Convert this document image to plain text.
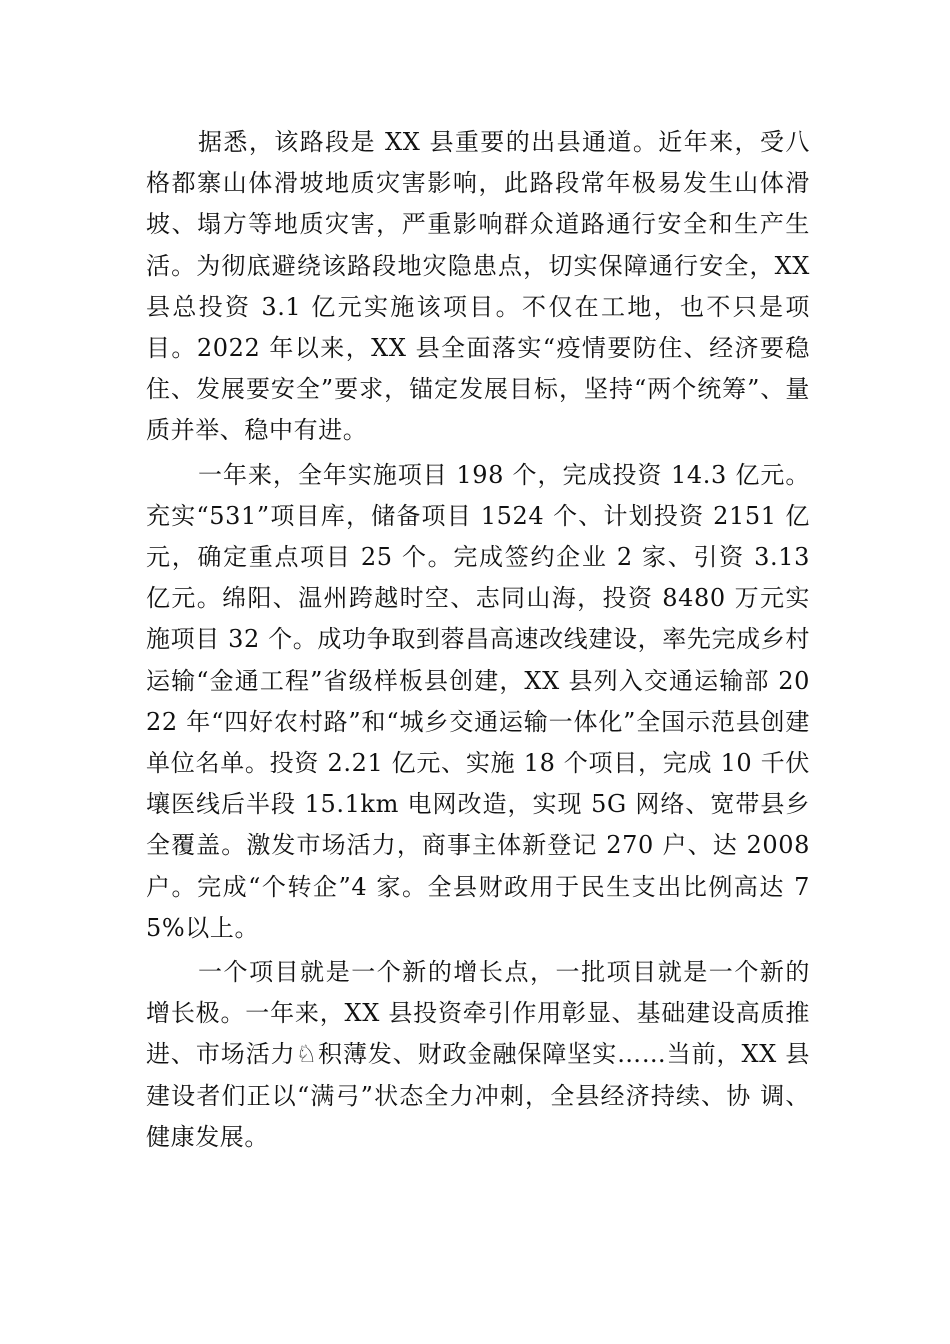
据悉，该路段是 XX 县重要的出县通道。近年来，受八格都寨山体滑坡地质灾害影响，此路段常年极易发生山体滑坡、塌方等地质灾害，严重影响群众道路通行安全和生产生活。为彻底避绕该路段地灾隐患点，切实保障通行安全，XX 县总投资 3.1 亿元实施该项目。不仅在工地，也不只是项目。2022 年以来，XX 县全面落实“疫情要防住、经济要稳住、发展要安全”要求，锚定发展目标，坚持“两个统筹”、量质并举、稳中有进。

一年来，全年实施项目 198 个，完成投资 14.3 亿元。充实“531”项目库，储备项目 1524 个、计划投资 2151 亿元，确定重点项目 25 个。完成签约企业 2 家、引资 3.13 亿元。绵阳、温州跨越时空、志同山海，投资 8480 万元实施项目 32 个。成功争取到蓉昌高速改线建设，率先完成乡村运输“金通工程”省级样板县创建，XX 县列入交通运输部 2022 年“四好农村路”和“城乡交通运输一体化”全国示范县创建单位名单。投资 2.21 亿元、实施 18 个项目，完成 10 千伏壤医线后半段 15.1km 电网改造，实现 5G 网络、宽带县乡全覆盖。激发市场活力，商事主体新登记 270 户、达 2008 户。完成“个转企”4 家。全县财政用于民生支出比例高达 75%以上。

一个项目就是一个新的增长点，一批项目就是一个新的增长极。一年来，XX 县投资牵引作用彰显、基础建设高质推进、市场活力♘积薄发、财政金融保障坚实……当前，XX 县建设者们正以“满弓”状态全力冲刺，全县经济持续、协 调、健康发展。
